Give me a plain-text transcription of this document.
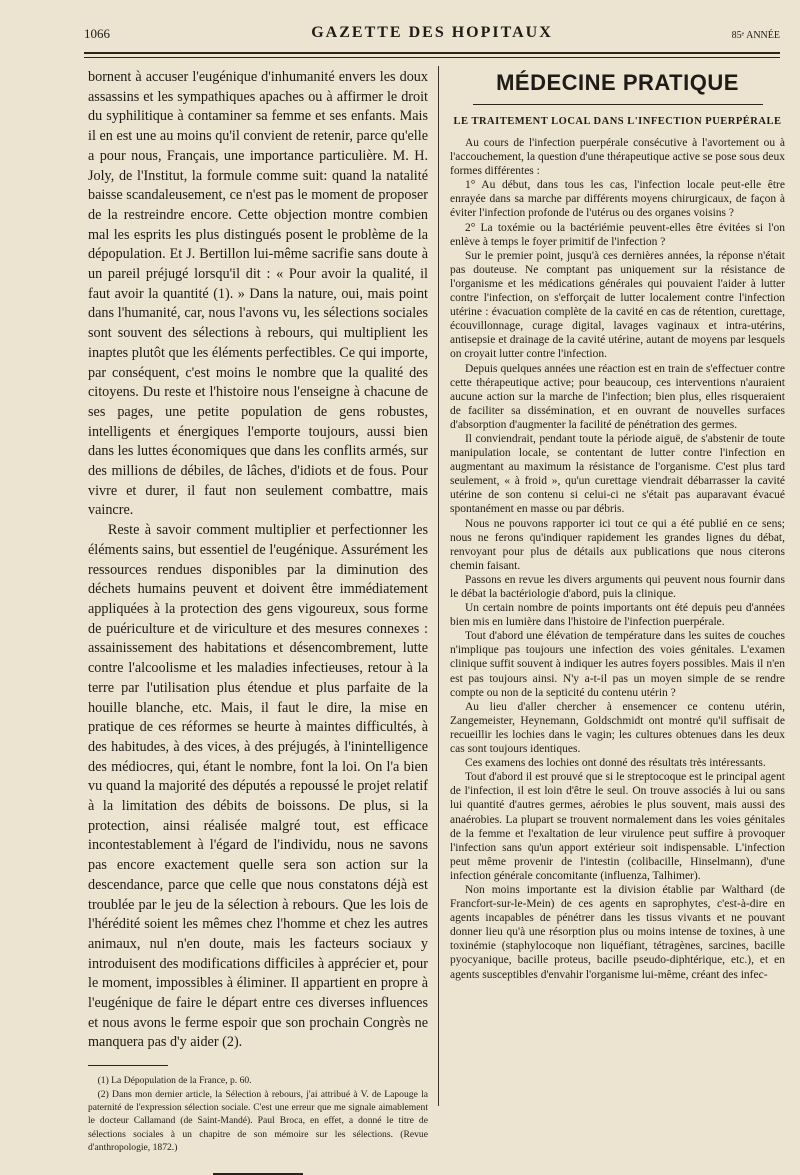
1066	GAZETTE DES HOPITAUX	85ᵉ ANNÉE

bornent à accuser l'eugénique d'inhumanité envers les doux assassins et les sympathiques apaches ou à affirmer le droit du syphilitique à contaminer sa femme et ses enfants. Mais il en est une au moins qu'il convient de retenir, parce qu'elle a pour nous, Français, une importance particulière. M. H. Joly, de l'Institut, la formule comme suit: quand la natalité baisse scandaleusement, ce n'est pas le moment de proposer de la restreindre encore. Cette objection montre combien mal les esprits les plus distingués posent le problème de la dépopulation. Et J. Bertillon lui-même sacrifie sans doute à un pareil préjugé lorsqu'il dit : « Pour avoir la qualité, il faut avoir la quantité (1). » Dans la nature, oui, mais point dans l'humanité, car, nous l'avons vu, les sélections sociales sont souvent des sélections à rebours, qui multiplient les inaptes plutôt que les éléments perfectibles. Ce qui importe, par conséquent, c'est moins le nombre que la qualité des citoyens. Du reste et l'histoire nous l'enseigne à chacune de ses pages, une petite population de gens robustes, intelligents et énergiques l'emporte toujours, aussi bien dans les luttes économiques que dans les conflits armés, sur des millions de débiles, de lâches, d'idiots et de fous. Pour vivre et durer, il faut non seulement combattre, mais vaincre.

Reste à savoir comment multiplier et perfectionner les éléments sains, but essentiel de l'eugénique. Assurément les ressources rendues disponibles par la diminution des déchets humains peuvent et doivent être immédiatement appliquées à la protection des gens vigoureux, sous forme de puériculture et de viriculture et des mesures connexes : assainissement des habitations et désencombrement, lutte contre l'alcoolisme et les maladies infectieuses, retour à la terre par l'utilisation plus étendue et plus parfaite de la houille blanche, etc. Mais, il faut le dire, la mise en pratique de ces réformes se heurte à maintes difficultés, à des habitudes, à des vices, à des préjugés, à l'inintelligence des médiocres, qui, étant le nombre, font la loi. On l'a bien vu quand la majorité des députés a repoussé le projet relatif à la limitation des débits de boissons. De plus, si la protection, ainsi réalisée malgré tout, est efficace incontestablement à l'égard de l'individu, nous ne savons pas encore exactement quelle sera son action sur la descendance, parce que celle que nous constatons déjà est troublée par le jeu de la sélection à rebours. Que les lois de l'hérédité soient les mêmes chez l'homme et chez les autres animaux, nul n'en doute, mais les facteurs sociaux y introduisent des modifications difficiles à apprécier et, pour le moment, impossibles à éliminer. Il appartient en propre à l'eugénique de faire le départ entre ces diverses influences et nous avons le ferme espoir que son prochain Congrès ne manquera pas d'y aider (2).

(1) La Dépopulation de la France, p. 60.

(2) Dans mon dernier article, la Sélection à rebours, j'ai attribué à V. de Lapouge la paternité de l'expression sélection sociale. C'est une erreur que me signale aimablement le docteur Callamand (de Saint-Mandé). Paul Broca, en effet, a donné le titre de sélections sociales à un chapitre de son mémoire sur les sélections. (Revue d'anthropologie, 1872.)

MÉDECINE PRATIQUE
LE TRAITEMENT LOCAL DANS L'INFECTION PUERPÉRALE

Au cours de l'infection puerpérale consécutive à l'avortement ou à l'accouchement, la question d'une thérapeutique active se pose sous deux formes différentes :

1° Au début, dans tous les cas, l'infection locale peut-elle être enrayée dans sa marche par différents moyens chirurgicaux, de façon à éviter l'infection profonde de l'utérus ou des organes voisins ?

2° La toxémie ou la bactériémie peuvent-elles être évitées si l'on enlève à temps le foyer primitif de l'infection ?

Sur le premier point, jusqu'à ces dernières années, la réponse n'était pas douteuse. Ne comptant pas uniquement sur la résistance de l'organisme et les médications générales qui pouvaient l'aider à lutter contre l'infection, on s'efforçait de lutter localement contre l'infection utérine : évacuation complète de la cavité en cas de rétention, curettage, écouvillonnage, curage digital, lavages vaginaux et intra-utérins, antisepsie et drainage de la cavité utérine, autant de moyens par lesquels on croyait lutter contre l'infection.

Depuis quelques années une réaction est en train de s'effectuer contre cette thérapeutique active; pour beaucoup, ces interventions n'auraient aucune action sur la marche de l'infection; bien plus, elles risqueraient de faciliter sa dissémination, et en ouvrant de nouvelles surfaces d'absorption d'augmenter la facilité de pénétration des germes.

Il conviendrait, pendant toute la période aiguë, de s'abstenir de toute manipulation locale, se contentant de lutter contre l'infection en augmentant au maximum la résistance de l'organisme. C'est plus tard seulement, « à froid », qu'un curettage viendrait débarrasser la cavité utérine de son contenu si celui-ci ne s'était pas auparavant évacué spontanément en masse ou par débris.

Nous ne pouvons rapporter ici tout ce qui a été publié en ce sens; nous ne ferons qu'indiquer rapidement les grandes lignes du débat, renvoyant pour plus de détails aux publications que nous citerons chemin faisant.

Passons en revue les divers arguments qui peuvent nous fournir dans le débat la bactériologie d'abord, puis la clinique.

Un certain nombre de points importants ont été depuis peu d'années bien mis en lumière dans l'histoire de l'infection puerpérale.

Tout d'abord une élévation de température dans les suites de couches n'implique pas toujours une infection des voies génitales. L'examen clinique suffit souvent à indiquer les autres foyers possibles. Mais il n'en est pas toujours ainsi. N'y a-t-il pas un moyen simple de se rendre compte ou non de la septicité du contenu utérin ?

Au lieu d'aller chercher à ensemencer ce contenu utérin, Zangemeister, Heynemann, Goldschmidt ont montré qu'il suffisait de recueillir les lochies dans le vagin; les cultures obtenues dans les deux cas sont toujours identiques.

Ces examens des lochies ont donné des résultats très intéressants.

Tout d'abord il est prouvé que si le streptocoque est le principal agent de l'infection, il est loin d'être le seul. On trouve associés à lui ou sans lui quantité d'autres germes, aérobies le plus souvent, mais aussi des anaérobies. La plupart se trouvent normalement dans les voies génitales de la femme et l'exaltation de leur virulence peut suffire à provoquer l'infection sans qu'un apport extérieur soit indispensable. L'infection peut même provenir de l'intestin (colibacille, Hinselmann), d'une infection générale concomitante (influenza, Talhimer).

Non moins importante est la division établie par Walthard (de Francfort-sur-le-Mein) de ces agents en saprophytes, c'est-à-dire en agents incapables de pénétrer dans les tissus vivants et ne pouvant donner lieu qu'à une résorption plus ou moins intense de toxines, à une toxinémie (staphylocoque non liquéfiant, tétragènes, sarcines, bacille pyocyanique, bacille proteus, bacille pseudo-diphtérique, etc.), et en agents susceptibles d'envahir l'organisme lui-même, créant des infec-
